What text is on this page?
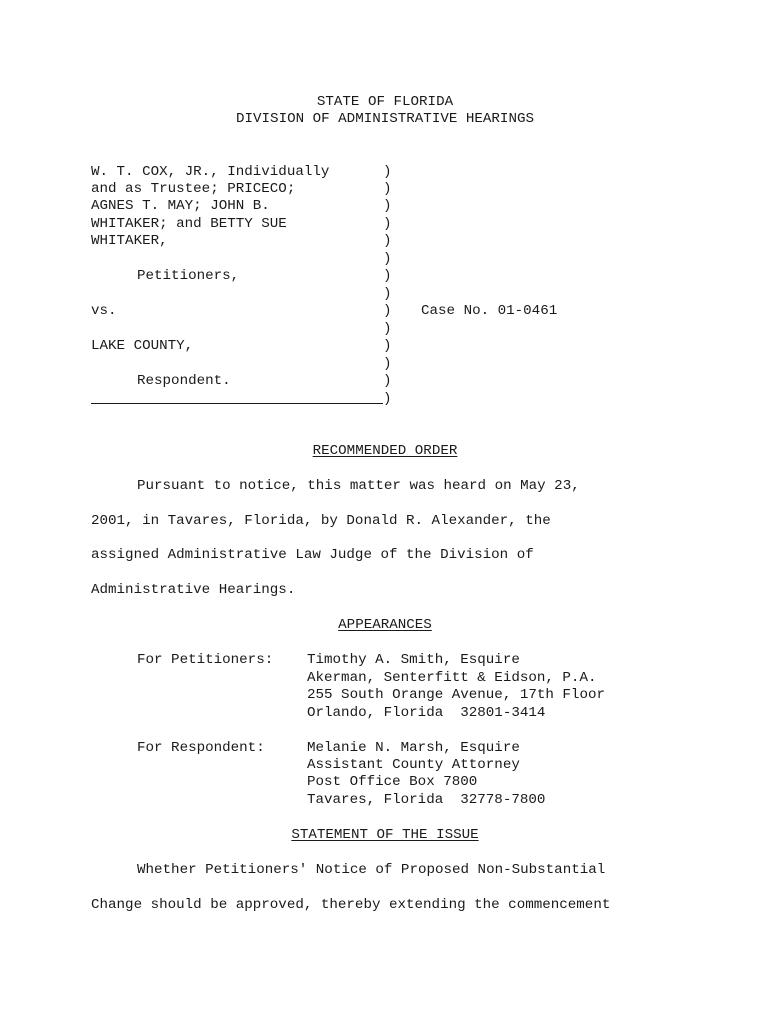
STATE OF FLORIDA

DIVISION OF ADMINISTRATIVE HEARINGS

W. T. COX, JR., Individually

and as Trustee; PRICECO;

AGNES T. MAY; JOHN B.

WHITAKER; and BETTY SUE

WHITAKER,

Petitioners,

vs.

LAKE COUNTY,

Respondent.

)

)

)

)

)

)

)

)

)

)

)

)

)

)

Case No. 01-0461

RECOMMENDED ORDER

Pursuant to notice, this matter was heard on May 23,

2001, in Tavares, Florida, by Donald R. Alexander, the

assigned Administrative Law Judge of the Division of

Administrative Hearings.

APPEARANCES

For Petitioners: Timothy A. Smith, Esquire

Akerman, Senterfitt & Eidson, P.A.

255 South Orange Avenue, 17th Floor

Orlando, Florida  32801-3414

For Respondent:	Melanie N. Marsh, Esquire

Assistant County Attorney

Post Office Box 7800

Tavares, Florida  32778-7800

STATEMENT OF THE ISSUE

Whether Petitioners' Notice of Proposed Non-Substantial

Change should be approved, thereby extending the commencement
